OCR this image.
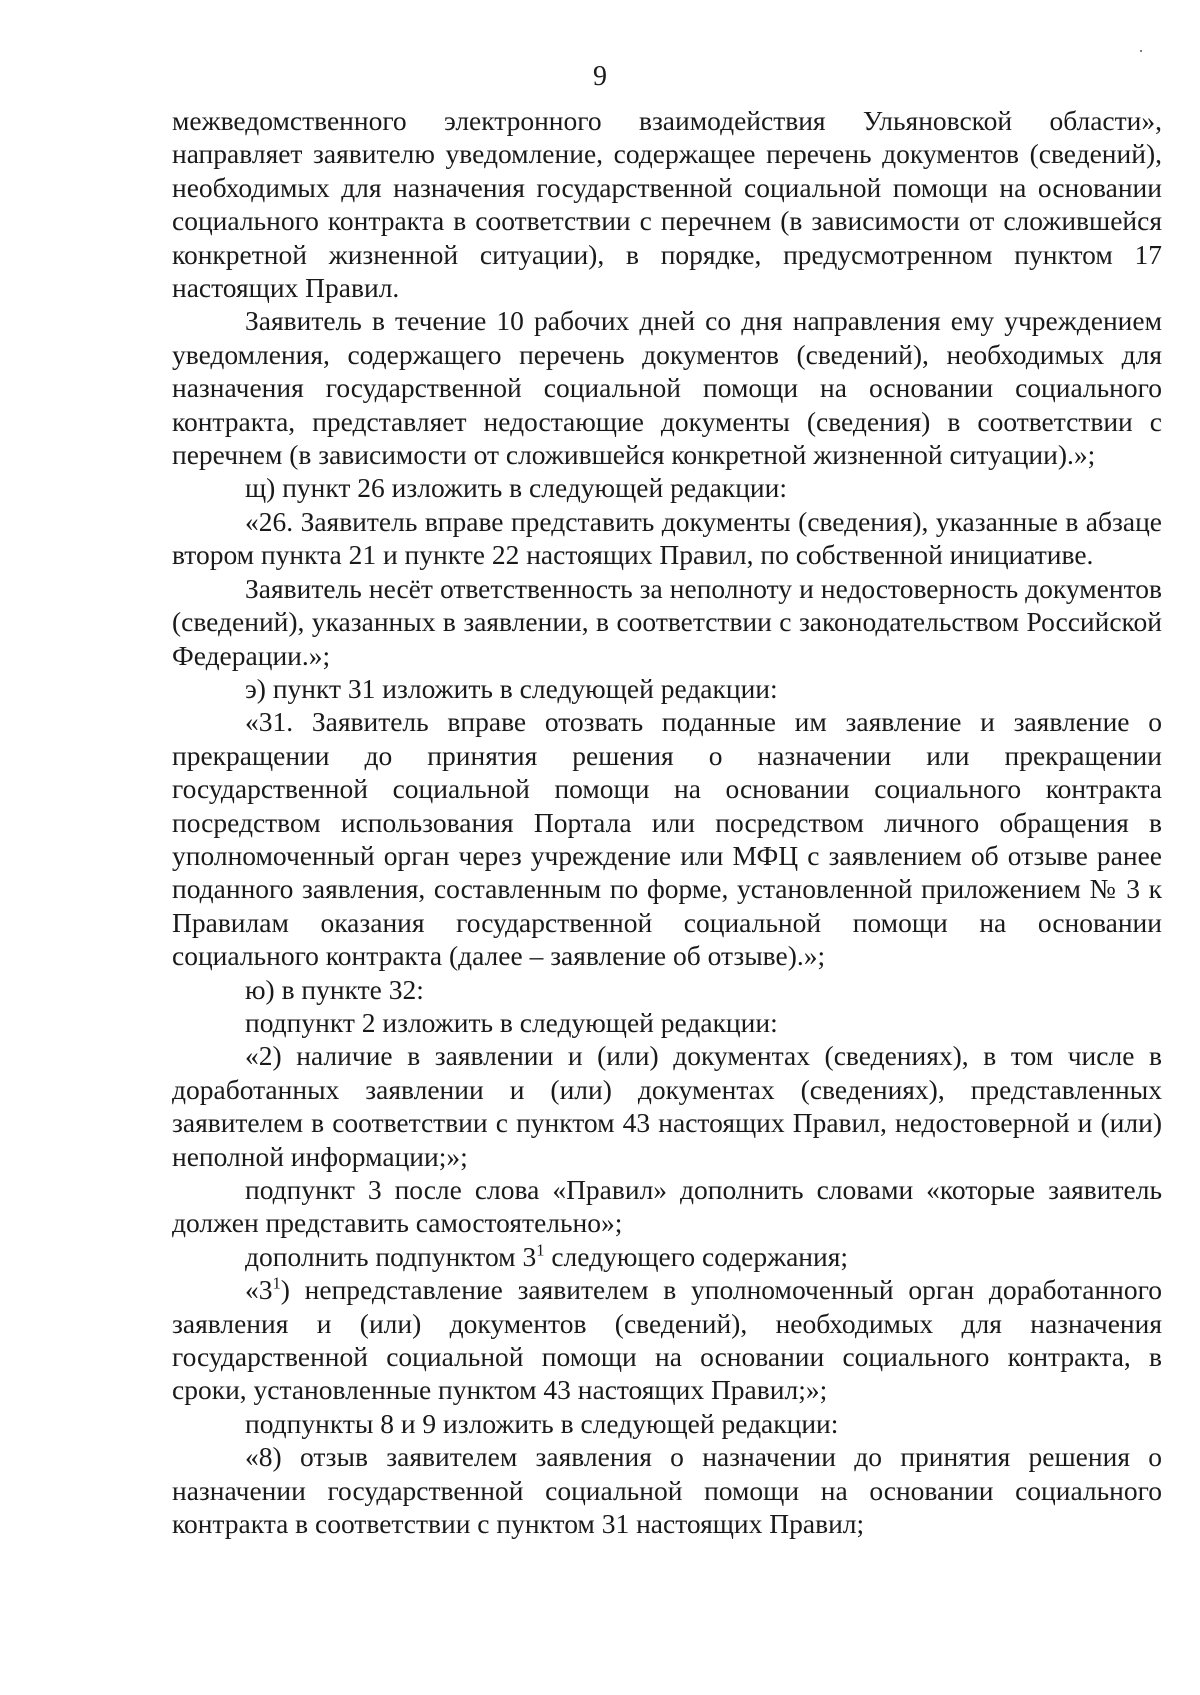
9

межведомственного электронного взаимодействия Ульяновской области», направляет заявителю уведомление, содержащее перечень документов (сведений), необходимых для назначения государственной социальной помощи на основании социального контракта в соответствии с перечнем (в зависимости от сложившейся конкретной жизненной ситуации), в порядке, предусмотренном пунктом 17 настоящих Правил.

Заявитель в течение 10 рабочих дней со дня направления ему учреждением уведомления, содержащего перечень документов (сведений), необходимых для назначения государственной социальной помощи на основании социального контракта, представляет недостающие документы (сведения) в соответствии с перечнем (в зависимости от сложившейся конкретной жизненной ситуации).»;

щ) пункт 26 изложить в следующей редакции:

«26. Заявитель вправе представить документы (сведения), указанные в абзаце втором пункта 21 и пункте 22 настоящих Правил, по собственной инициативе.

Заявитель несёт ответственность за неполноту и недостоверность документов (сведений), указанных в заявлении, в соответствии с законодательством Российской Федерации.»;

э) пункт 31 изложить в следующей редакции:

«31. Заявитель вправе отозвать поданные им заявление и заявление о прекращении до принятия решения о назначении или прекращении государственной социальной помощи на основании социального контракта посредством использования Портала или посредством личного обращения в уполномоченный орган через учреждение или МФЦ с заявлением об отзыве ранее поданного заявления, составленным по форме, установленной приложением № 3 к Правилам оказания государственной социальной помощи на основании социального контракта (далее – заявление об отзыве).»;

ю) в пункте 32:

подпункт 2 изложить в следующей редакции:

«2) наличие в заявлении и (или) документах (сведениях), в том числе в доработанных заявлении и (или) документах (сведениях), представленных заявителем в соответствии с пунктом 43 настоящих Правил, недостоверной и (или) неполной информации;»;

подпункт 3 после слова «Правил» дополнить словами «которые заявитель должен представить самостоятельно»;

дополнить подпунктом $3^1$ следующего содержания;

«$3^1$) непредставление заявителем в уполномоченный орган доработанного заявления и (или) документов (сведений), необходимых для назначения государственной социальной помощи на основании социального контракта, в сроки, установленные пунктом 43 настоящих Правил;»;

подпункты 8 и 9 изложить в следующей редакции:

«8) отзыв заявителем заявления о назначении до принятия решения о назначении государственной социальной помощи на основании социального контракта в соответствии с пунктом 31 настоящих Правил;
